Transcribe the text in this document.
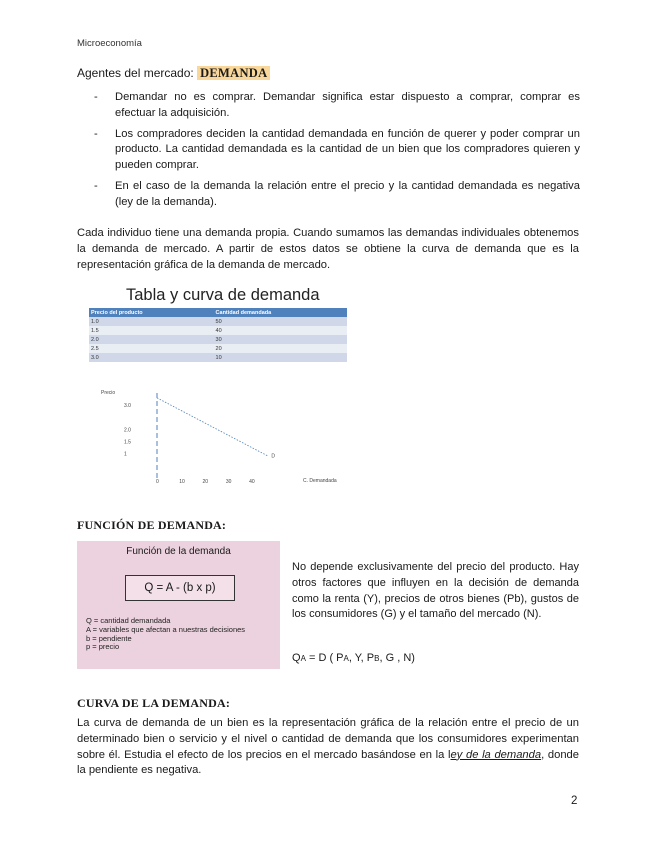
Microeconomía
Agentes del mercado: DEMANDA
- Demandar no es comprar. Demandar significa estar dispuesto a comprar, comprar es efectuar la adquisición.
- Los compradores deciden la cantidad demandada en función de querer y poder comprar un producto. La cantidad demandada es la cantidad de un bien que los compradores quieren y pueden comprar.
- En el caso de la demanda la relación entre el precio y la cantidad demandada es negativa (ley de la demanda).
Cada individuo tiene una demanda propia. Cuando sumamos las demandas individuales obtenemos la demanda de mercado. A partir de estos datos se obtiene la curva de demanda que es la representación gráfica de la demanda de mercado.
Tabla y curva de demanda
Precio del producto	Cantidad demandada
1.0	50
1.5	40
2.0	30
2.5	20
3.0	10
Precio
C. Demandada
3.0
2.0
1.5
1
0	10	20	30	40
D
FUNCIÓN DE DEMANDA:
Función de la demanda
Q = A - (b x p)
Q = cantidad demandada
A = variables que afectan a nuestras decisiones
b = pendiente
p = precio
No depende exclusivamente del precio del producto. Hay otros factores que influyen en la decisión de demanda como la renta (Y), precios de otros bienes (Pb), gustos de los consumidores (G) y el tamaño del mercado (N).
QA = D ( PA, Y, PB, G , N)
CURVA DE LA DEMANDA:
La curva de demanda de un bien es la representación gráfica de la relación entre el precio de un determinado bien o servicio y el nivel o cantidad de demanda que los consumidores experimentan sobre él. Estudia el efecto de los precios en el mercado basándose en la ley de la demanda, donde la pendiente es negativa.
2
